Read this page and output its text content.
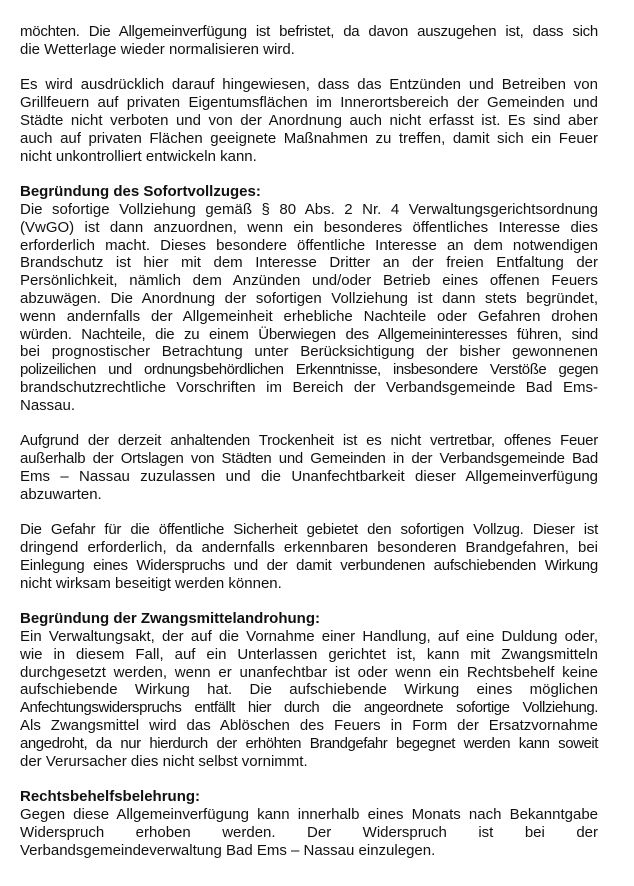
möchten. Die Allgemeinverfügung ist befristet, da davon auszugehen ist, dass sich
die Wetterlage wieder normalisieren wird.
Es wird ausdrücklich darauf hingewiesen, dass das Entzünden und Betreiben von
Grillfeuern auf privaten Eigentumsflächen im Innerortsbereich der Gemeinden und
Städte nicht verboten und von der Anordnung auch nicht erfasst ist. Es sind aber
auch auf privaten Flächen geeignete Maßnahmen zu treffen, damit sich ein Feuer
nicht unkontrolliert entwickeln kann.
Begründung des Sofortvollzuges:
Die sofortige Vollziehung gemäß § 80 Abs. 2 Nr. 4 Verwaltungsgerichtsordnung
(VwGO) ist dann anzuordnen, wenn ein besonderes öffentliches Interesse dies
erforderlich macht. Dieses besondere öffentliche Interesse an dem notwendigen
Brandschutz ist hier mit dem Interesse Dritter an der freien Entfaltung der
Persönlichkeit, nämlich dem Anzünden und/oder Betrieb eines offenen Feuers
abzuwägen. Die Anordnung der sofortigen Vollziehung ist dann stets begründet,
wenn andernfalls der Allgemeinheit erhebliche Nachteile oder Gefahren drohen
würden. Nachteile, die zu einem Überwiegen des Allgemeininteresses führen, sind
bei prognostischer Betrachtung unter Berücksichtigung der bisher gewonnenen
polizeilichen und ordnungsbehördlichen Erkenntnisse, insbesondere Verstöße gegen
brandschutzrechtliche Vorschriften im Bereich der Verbandsgemeinde Bad Ems-
Nassau.
Aufgrund der derzeit anhaltenden Trockenheit ist es nicht vertretbar, offenes Feuer
außerhalb der Ortslagen von Städten und Gemeinden in der Verbandsgemeinde Bad
Ems – Nassau zuzulassen und die Unanfechtbarkeit dieser Allgemeinverfügung
abzuwarten.
Die Gefahr für die öffentliche Sicherheit gebietet den sofortigen Vollzug. Dieser ist
dringend erforderlich, da andernfalls erkennbaren besonderen Brandgefahren, bei
Einlegung eines Widerspruchs und der damit verbundenen aufschiebenden Wirkung
nicht wirksam beseitigt werden können.
Begründung der Zwangsmittelandrohung:
Ein Verwaltungsakt, der auf die Vornahme einer Handlung, auf eine Duldung oder,
wie in diesem Fall, auf ein Unterlassen gerichtet ist, kann mit Zwangsmitteln
durchgesetzt werden, wenn er unanfechtbar ist oder wenn ein Rechtsbehelf keine
aufschiebende Wirkung hat. Die aufschiebende Wirkung eines möglichen
Anfechtungswiderspruchs entfällt hier durch die angeordnete sofortige Vollziehung.
Als Zwangsmittel wird das Ablöschen des Feuers in Form der Ersatzvornahme
angedroht, da nur hierdurch der erhöhten Brandgefahr begegnet werden kann soweit
der Verursacher dies nicht selbst vornimmt.
Rechtsbehelfsbelehrung:
Gegen diese Allgemeinverfügung kann innerhalb eines Monats nach Bekanntgabe
Widerspruch erhoben werden. Der Widerspruch ist bei der
Verbandsgemeindeverwaltung Bad Ems – Nassau einzulegen.
